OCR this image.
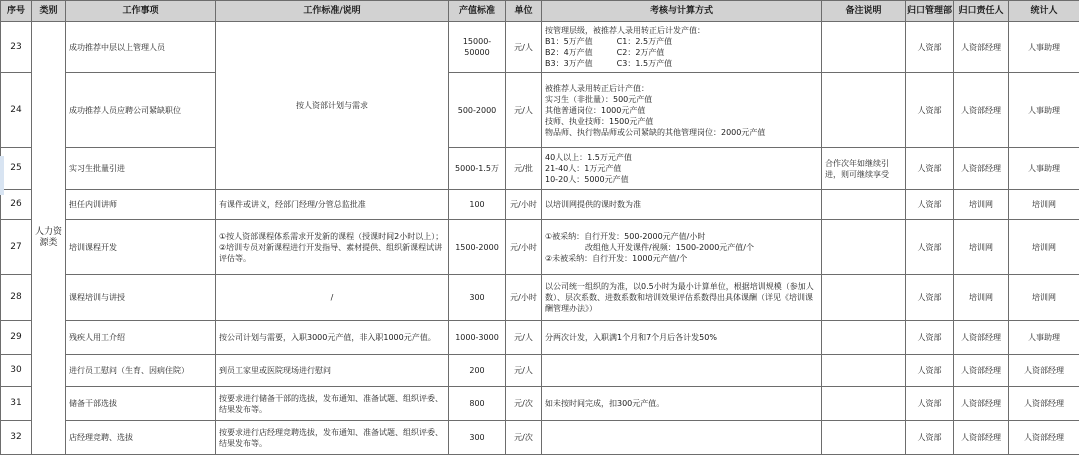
序号	类别	工作事项	工作标准/说明	产值标准	单位	考核与计算方式	备注说明	归口管理部	归口责任人	统计人
23	人力资
源类	成功推荐中层以上管理人员	按人资部计划与需求	15000-50000	元/人	按管理层级，被推荐人录用转正后计发产值：
B1：5万产值　　　C1：2.5万产值
B2：4万产值　　　C2：2万产值
B3：3万产值　　　C3：1.5万产值		人资部	人资部经理	人事助理
24		成功推荐人员应聘公司紧缺职位		500-2000	元/人	被推荐人录用转正后计产值：
实习生（非批量）：500元产值
其他普通岗位：1000元产值
技师、执业技师：1500元产值
物品师、执行物品师或公司紧缺的其他管理岗位：2000元产值		人资部	人资部经理	人事助理
25		实习生批量引进		5000-1.5万	元/批	40人以上：1.5万元产值
21-40人：1万元产值
10-20人：5000元产值	合作次年如继续引进，则可继续享受	人资部	人资部经理	人事助理
26		担任内训讲师	有课件或讲义，经部门经理/分管总监批准	100	元/小时	以培训网提供的课时数为准		人资部	培训网	培训网
27		培训课程开发	①按人资部课程体系需求开发新的课程（授课时间2小时以上）； ②培训专员对新课程进行开发指导、素材提供、组织新课程试讲评估等。	1500-2000	元/小时	①被采纳：自行开发：500-2000元产值/小时
　　　　　改组他人开发课件/视频：1500-2000元产值/个
②未被采纳：自行开发：1000元产值/个		人资部	培训网	培训网
28		课程培训与讲授	/	300	元/小时	以公司统一组织的为准，以0.5小时为最小计算单位，根据培训规模（参加人数）、层次系数、进数系数和培训效果评估系数得出具体课酬（详见《培训课酬管理办法》）		人资部	培训网	培训网
29		残疾人用工介绍	按公司计划与需要，入职3000元产值，非入职1000元产值。	1000-3000	元/人	分两次计发，入职满1个月和7个月后各计发50%		人资部	人资部经理	人事助理
30		进行员工慰问（生育、因病住院）	到员工家里或医院现场进行慰问	200	元/人			人资部	人资部经理	人资部经理
31		储备干部选拔	按要求进行储备干部的选拔，发布通知、准备试题、组织评委、结果发布等。	800	元/次	如未按时间完成，扣300元产值。		人资部	人资部经理	人资部经理
32		店经理竞聘、选拔	按要求进行店经理竞聘选拔，发布通知、准备试题、组织评委、结果发布等。	300	元/次			人资部	人资部经理	人资部经理
